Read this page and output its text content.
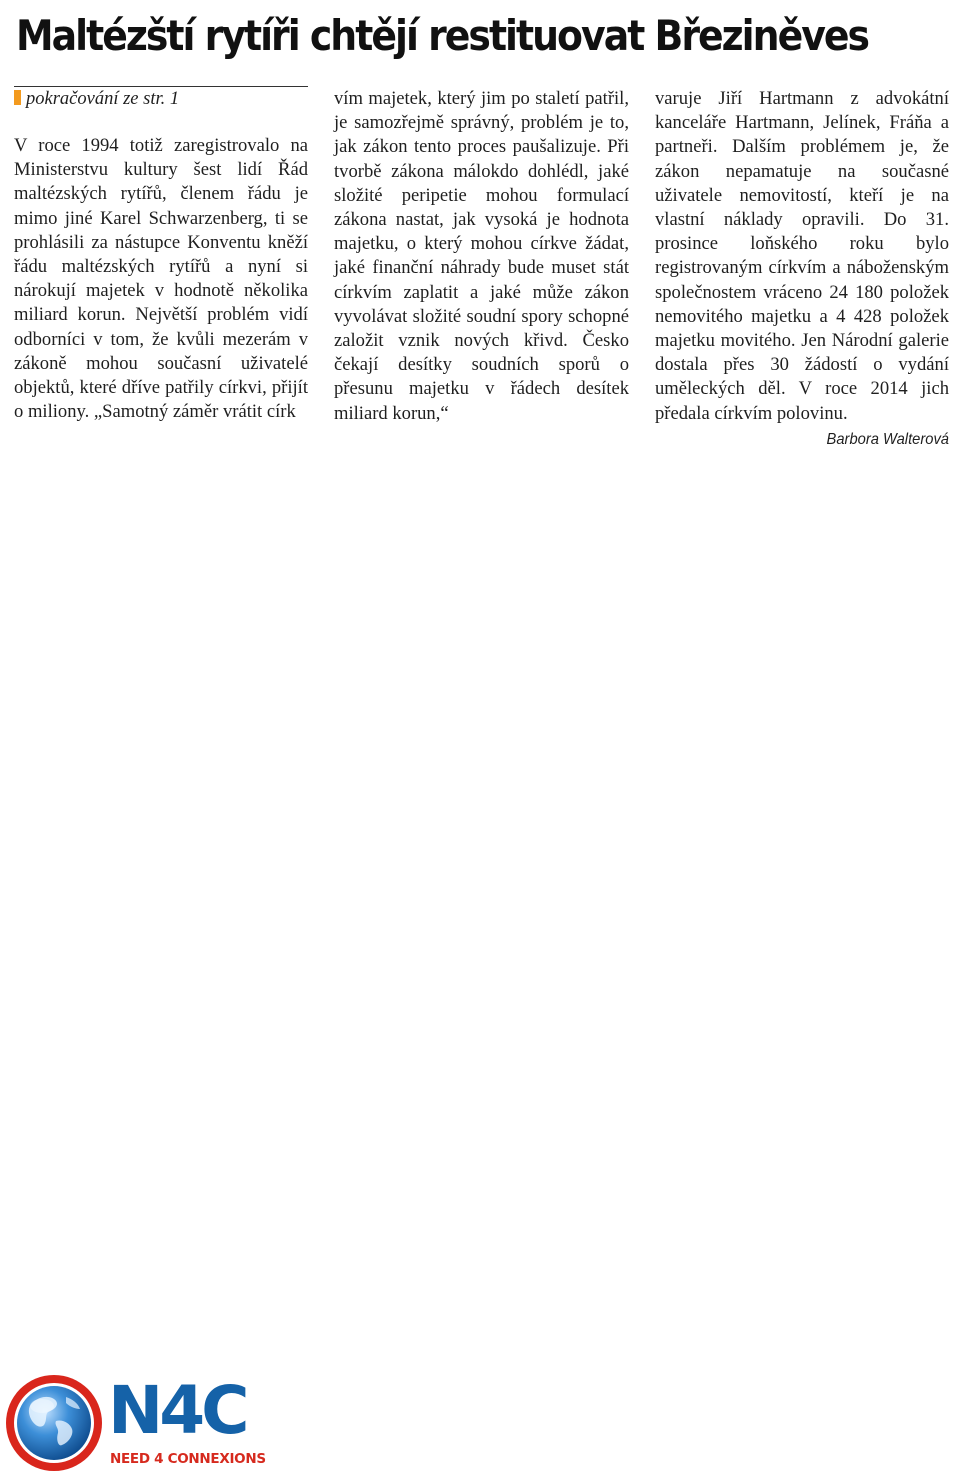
Maltézští rytíři chtějí restituovat Březiněves

pokračování ze str. 1

V roce 1994 totiž zaregistrovalo na Ministerstvu kultury šest lidí Řád maltézských rytířů, členem řádu je mimo jiné Karel Schwarzenberg, ti se prohlásili za nástupce Konventu kněží řádu maltézských rytířů a nyní si nárokují majetek v hodnotě několika miliard korun. Největší problém vidí odborníci v tom, že kvůli mezerám v zákoně mohou současní uživatelé objektů, které dříve patřily církvi, přijít o miliony. „Samotný záměr vrátit círk

vím majetek, který jim po staletí patřil, je samozřejmě správný, problém je to, jak zákon tento proces paušalizuje. Při tvorbě zákona málokdo dohlédl, jaké složité peripetie mohou formulací zákona nastat, jak vysoká je hodnota majetku, o který mohou církve žádat, jaké finanční náhrady bude muset stát církvím zaplatit a jaké může zákon vyvolávat složité soudní spory schopné založit vznik nových křivd. Česko čekají desítky soudních sporů o přesunu majetku v řádech desítek miliard korun,“

varuje Jiří Hartmann z advokátní kanceláře Hartmann, Jelínek, Fráňa a partneři. Dalším problémem je, že zákon nepamatuje na současné uživatele nemovitostí, kteří je na vlastní náklady opravili. Do 31. prosince loňského roku bylo registrovaným církvím a náboženským společnostem vráceno 24 180 položek nemovitého majetku a 4 428 položek majetku movitého. Jen Národní galerie dostala přes 30 žádostí o vydání uměleckých děl. V roce 2014 jich předala církvím polovinu.

Barbora Walterová

N4C
NEED 4 CONNEXIONS
